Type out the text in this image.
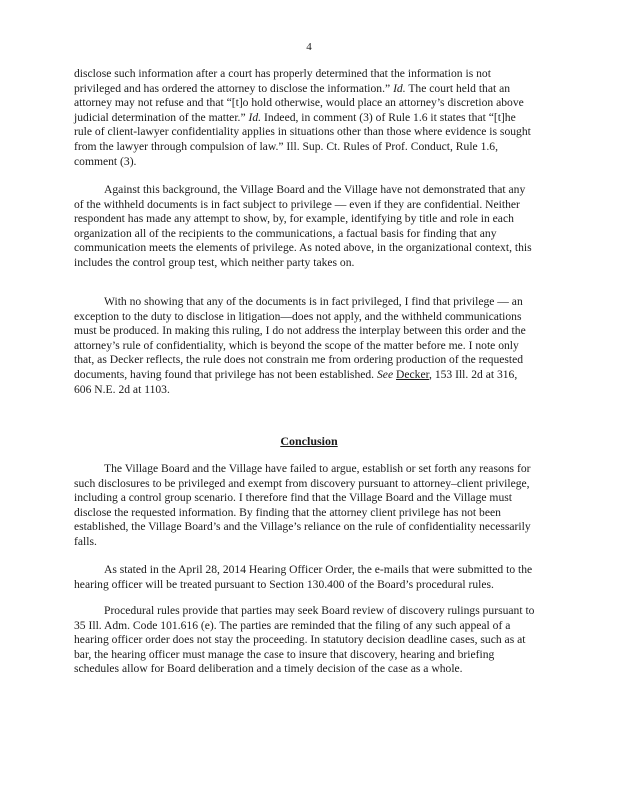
4

disclose such information after a court has properly determined that the information is not privileged and has ordered the attorney to disclose the information.” Id. The court held that an attorney may not refuse and that “[t]o hold otherwise, would place an attorney’s discretion above judicial determination of the matter.” Id. Indeed, in comment (3) of Rule 1.6 it states that “[t]he rule of client-lawyer confidentiality applies in situations other than those where evidence is sought from the lawyer through compulsion of law.” Ill. Sup. Ct. Rules of Prof. Conduct, Rule 1.6, comment (3).

Against this background, the Village Board and the Village have not demonstrated that any of the withheld documents is in fact subject to privilege — even if they are confidential. Neither respondent has made any attempt to show, by, for example, identifying by title and role in each organization all of the recipients to the communications, a factual basis for finding that any communication meets the elements of privilege. As noted above, in the organizational context, this includes the control group test, which neither party takes on.

With no showing that any of the documents is in fact privileged, I find that privilege — an exception to the duty to disclose in litigation—does not apply, and the withheld communications must be produced. In making this ruling, I do not address the interplay between this order and the attorney’s rule of confidentiality, which is beyond the scope of the matter before me. I note only that, as Decker reflects, the rule does not constrain me from ordering production of the requested documents, having found that privilege has not been established. See Decker, 153 Ill. 2d at 316, 606 N.E. 2d at 1103.

Conclusion

The Village Board and the Village have failed to argue, establish or set forth any reasons for such disclosures to be privileged and exempt from discovery pursuant to attorney–client privilege, including a control group scenario. I therefore find that the Village Board and the Village must disclose the requested information. By finding that the attorney client privilege has not been established, the Village Board’s and the Village’s reliance on the rule of confidentiality necessarily falls.

As stated in the April 28, 2014 Hearing Officer Order, the e-mails that were submitted to the hearing officer will be treated pursuant to Section 130.400 of the Board’s procedural rules.

Procedural rules provide that parties may seek Board review of discovery rulings pursuant to 35 Ill. Adm. Code 101.616 (e). The parties are reminded that the filing of any such appeal of a hearing officer order does not stay the proceeding. In statutory decision deadline cases, such as at bar, the hearing officer must manage the case to insure that discovery, hearing and briefing schedules allow for Board deliberation and a timely decision of the case as a whole.
